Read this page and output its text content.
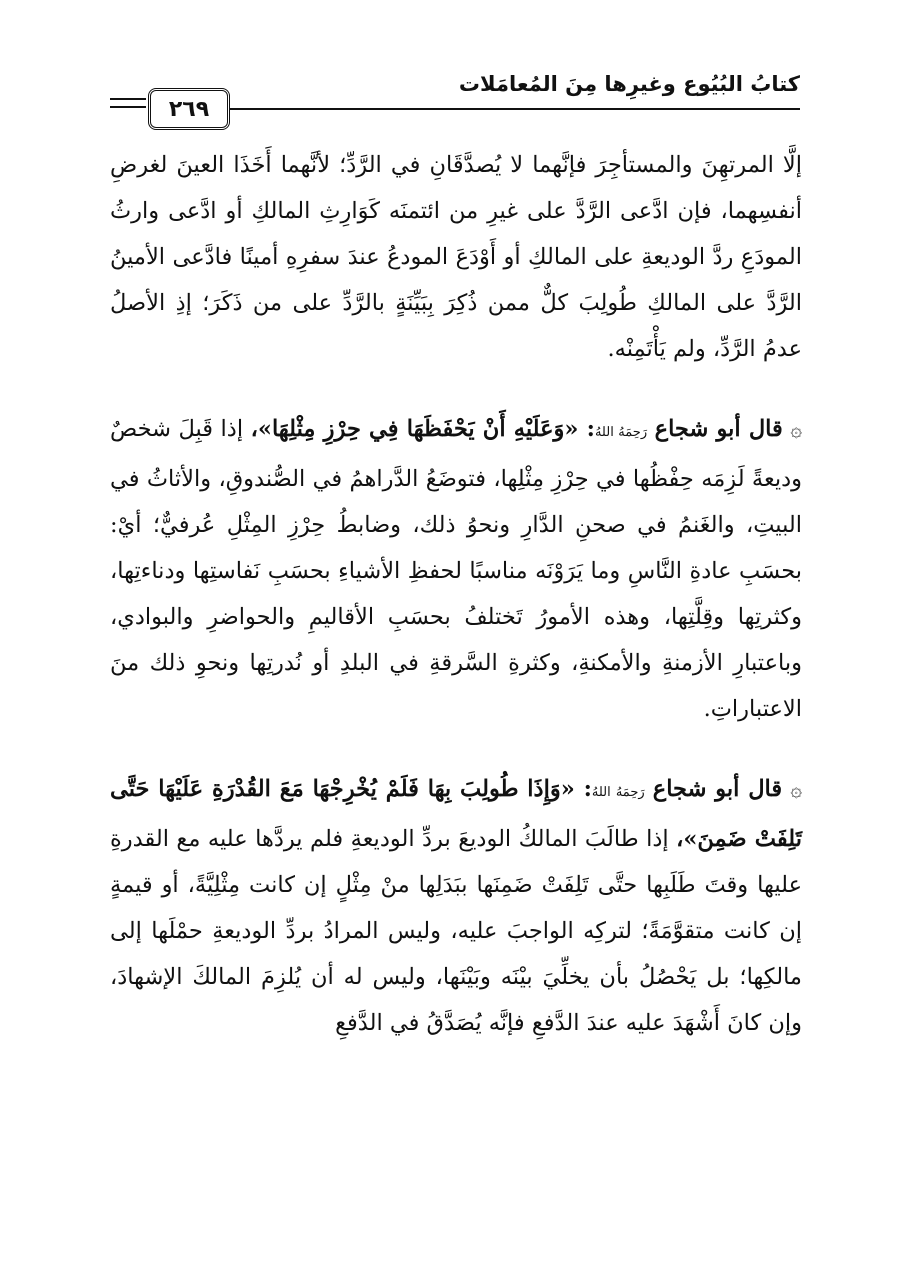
كتابُ البُيُوع وغيرِها مِنَ المُعامَلات
٢٦٩

إلَّا المرتهِنَ والمستأجِرَ فإنَّهما لا يُصدَّقَانِ في الرَّدِّ؛ لأنَّهما أَخَذَا العينَ لغرضِ أنفسِهما، فإن ادَّعى الرَّدَّ على غيرِ من ائتمنَه كَوَارِثِ المالكِ أو ادَّعى وارثُ المودَعِ ردَّ الوديعةِ على المالكِ أو أَوْدَعَ المودعُ عندَ سفرِهِ أمينًا فادَّعى الأمينُ الرَّدَّ على المالكِ طُولِبَ كلٌّ ممن ذُكِرَ بِبَيِّنَةٍ بالرَّدِّ على من ذَكَرَ؛ إذِ الأصلُ عدمُ الرَّدِّ، ولم يَأْتَمِنْه.

۞ قال أبو شجاع رَحِمَهُ اللهُ: «وَعَلَيْهِ أَنْ يَحْفَظَهَا فِي حِرْزِ مِثْلِهَا»، إذا قَبِلَ شخصٌ وديعةً لَزِمَه حِفْظُها في حِرْزِ مِثْلِها، فتوضَعُ الدَّراهمُ في الصُّندوقِ، والأثاثُ في البيتِ، والغَنمُ في صحنِ الدَّارِ ونحوُ ذلك، وضابطُ حِرْزِ المِثْلِ عُرفيٌّ؛ أيْ: بحسَبِ عادةِ النَّاسِ وما يَرَوْنَه مناسبًا لحفظِ الأشياءِ بحسَبِ نَفاستِها ودناءتِها، وكثرتِها وقِلَّتِها، وهذه الأمورُ تَختلفُ بحسَبِ الأقاليمِ والحواضرِ والبوادي، وباعتبارِ الأزمنةِ والأمكنةِ، وكثرةِ السَّرقةِ في البلدِ أو نُدرتِها ونحوِ ذلك منَ الاعتباراتِ.

۞ قال أبو شجاع رَحِمَهُ اللهُ: «وَإِذَا طُولِبَ بِهَا فَلَمْ يُخْرِجْهَا مَعَ القُدْرَةِ عَلَيْهَا حَتَّى تَلِفَتْ ضَمِنَ»، إذا طالَبَ المالكُ الوديعَ بردِّ الوديعةِ فلم يردَّها عليه مع القدرةِ عليها وقتَ طَلَبِها حتَّى تَلِفَتْ ضَمِنَها ببَدَلِها منْ مِثْلٍ إن كانت مِثْلِيَّةً، أو قيمةٍ إن كانت متقوَّمَةً؛ لتركِه الواجبَ عليه، وليس المرادُ بردِّ الوديعةِ حمْلَها إلى مالكِها؛ بل يَحْصُلُ بأن يخلِّيَ بيْنَه وبَيْنَها، وليس له أن يُلزِمَ المالكَ الإشهادَ، وإن كانَ أَشْهَدَ عليه عندَ الدَّفعِ فإنَّه يُصَدَّقُ في الدَّفعِ
